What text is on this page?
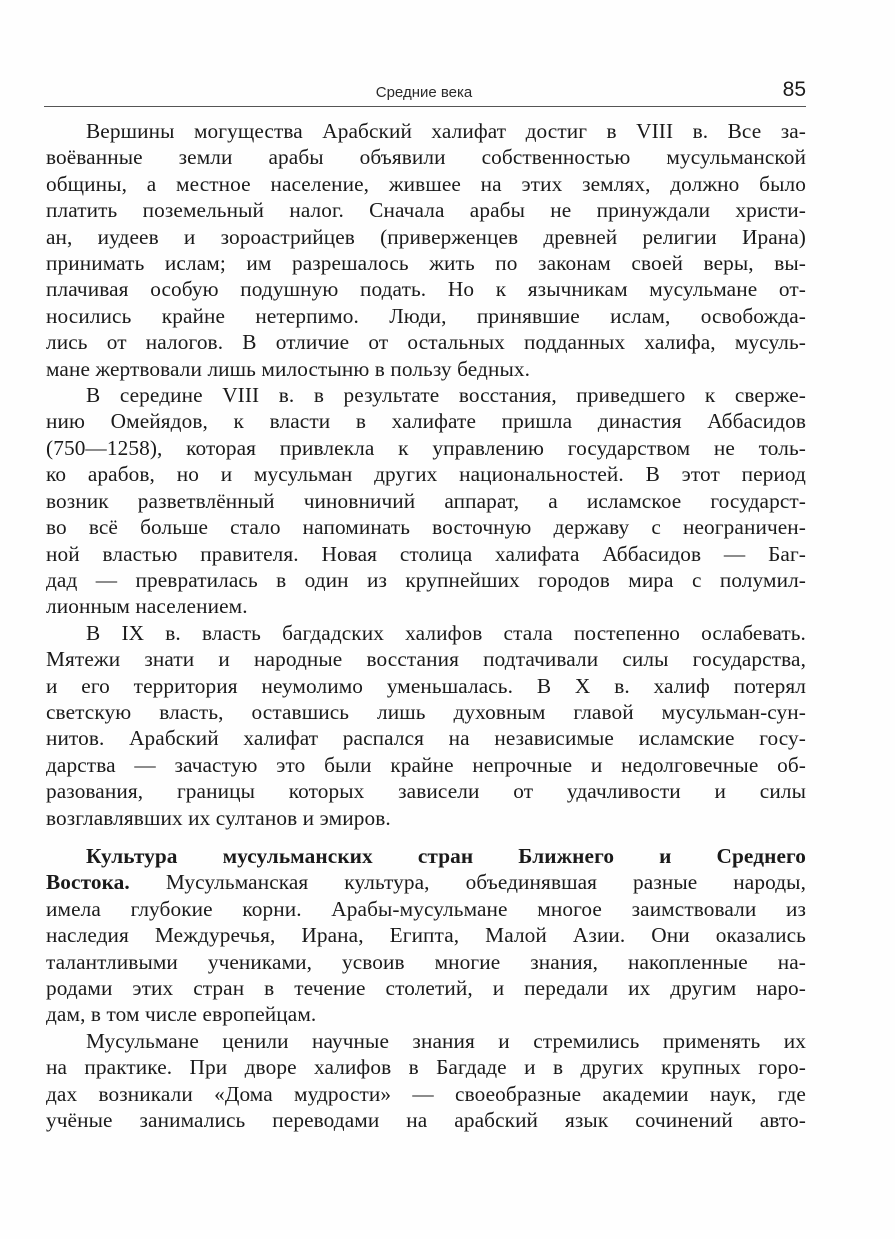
Средние века	85
Вершины могущества Арабский халифат достиг в VIII в. Все за-
воёванные земли арабы объявили собственностью мусульманской
общины, а местное население, жившее на этих землях, должно было
платить поземельный налог. Сначала арабы не принуждали христи-
ан, иудеев и зороастрийцев (приверженцев древней религии Ирана)
принимать ислам; им разрешалось жить по законам своей веры, вы-
плачивая особую подушную подать. Но к язычникам мусульмане от-
носились крайне нетерпимо. Люди, принявшие ислам, освобожда-
лись от налогов. В отличие от остальных подданных халифа, мусуль-
мане жертвовали лишь милостыню в пользу бедных.
В середине VIII в. в результате восстания, приведшего к сверже-
нию Омейядов, к власти в халифате пришла династия Аббасидов
(750—1258), которая привлекла к управлению государством не толь-
ко арабов, но и мусульман других национальностей. В этот период
возник разветвлённый чиновничий аппарат, а исламское государст-
во всё больше стало напоминать восточную державу с неограничен-
ной властью правителя. Новая столица халифата Аббасидов — Баг-
дад — превратилась в один из крупнейших городов мира с полумил-
лионным населением.
В IX в. власть багдадских халифов стала постепенно ослабевать.
Мятежи знати и народные восстания подтачивали силы государства,
и его территория неумолимо уменьшалась. В X в. халиф потерял
светскую власть, оставшись лишь духовным главой мусульман-сун-
нитов. Арабский халифат распался на независимые исламские госу-
дарства — зачастую это были крайне непрочные и недолговечные об-
разования, границы которых зависели от удачливости и силы
возглавлявших их султанов и эмиров.
Культура мусульманских стран Ближнего и Среднего
Востока. Мусульманская культура, объединявшая разные народы,
имела глубокие корни. Арабы-мусульмане многое заимствовали из
наследия Междуречья, Ирана, Египта, Малой Азии. Они оказались
талантливыми учениками, усвоив многие знания, накопленные на-
родами этих стран в течение столетий, и передали их другим наро-
дам, в том числе европейцам.
Мусульмане ценили научные знания и стремились применять их
на практике. При дворе халифов в Багдаде и в других крупных горо-
дах возникали «Дома мудрости» — своеобразные академии наук, где
учёные занимались переводами на арабский язык сочинений авто-
